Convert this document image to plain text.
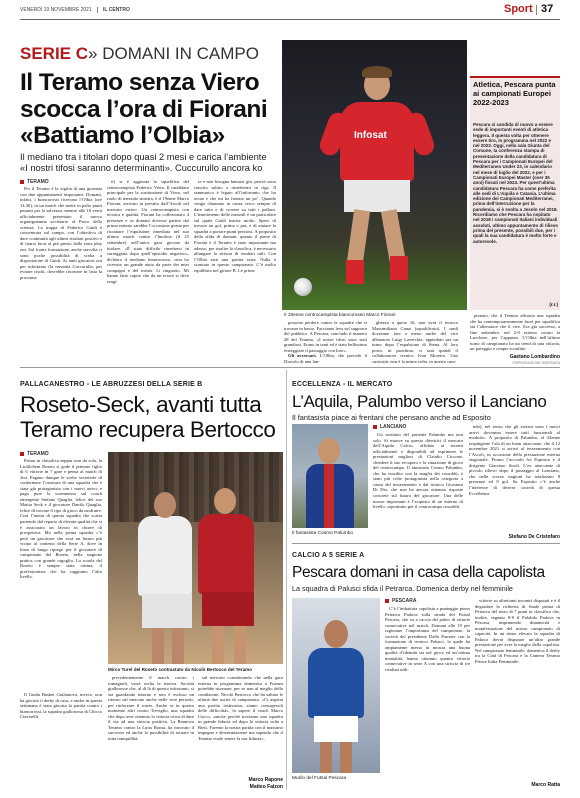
VENERDÌ 19 NOVEMBRE 2021 IL CENTRO	Sport 37
SERIE C» DOMANI IN CAMPO
Il Teramo senza Viero
scocca l’ora di Fiorani
«Battiamo l’Olbia»
Il mediano tra i titolari dopo quasi 2 mesi e carica l’ambiente
«I nostri tifosi saranno determinanti». Cuccurullo ancora ko
Infosat
Il 19enne centrocampista biancorosso Marco Fiorani
Atletica, Pescara punta ai campionati Europei 2022-2023
Pescara si candida di nuovo a essere sede di importanti eventi di atletica leggera. Il questa volta per ottenere essere tiro, in programma nel 2022 e nel 2023. Oggi, nella sala Giunta del Comune, la conferenza stampa di presentazione della candidatura di Pescara per i Campionati Europei del Mediterraneo Under 23, in calendario nel mese di luglio del 2022, e per i Campionati Europei Master (over 35 anni) fissati nel 2023. Per quest’ultima candidatura Pescara ha come preferita alle sedi di L’Aquila e Catania. L’ultima edizione dei Campionati Mediterranei, prima dell’interruzione per la pandemia, si è svolta a Jesolo nel 2018. Ricordiamo che Pescara ha ospitato nel 2018 i campionati Italiani individuali assoluti, ultimo appuntamento di rilievo prima del presente, possibili due, per i quali la sua candidatura è molto forte e autorevole.
(r.r.)
TERAMO

Per il Teramo è la vigilia di una giornata con due appuntamenti importanti. Domani, infatti, i biancorossi ricevono l’Olbia (ore 14,30), in un match che mette in palio punti pesanti per la salvezza, mentre alle 10 verrà ufficialmente presentato il nuovo organigramma societario al Parco della scienza. La truppa di Federico Guidi è concentrata sul campo, con l’obiettivo di dare continuità agli ultimi risultati positivi e di tirarsi fuori al più presto dalla zona play out. Sul fronte formazione, anche stavolta ci sono poche possibilità di scelta a disposizione di Guidi. Ai tanti giocatori out per infortunio (la mezzala Cuccurullo, per evitare rischi, dovrebbe ritornare in lista la prossima

ti) si è aggiunta la squalifica del centrocampista Federico Viero. Il candidato principale per la sostituzione di Viero, nel ruolo di mezzala sinistra, è il 19enne Marco Fiorani, arrivato in prestito dall’Ascoli nel mercato estivo. Un centrocampista con tecnica e qualità, Fiorani ha collezionato 4 presenze e se domani dovesse partire dal primo minuto sarebbe l’occasione giusta per riscattare l’espulsione rimediata nel suo ultimo match contro l’Imolese (il 25 settembre) nell’unica gara giocata da titolare. «È stato difficile rimettersi in carreggiata dopo quell’episodio negativo», dichiara il mediano biancorosso, «ma ho ricevuto un grande aiuto da parte dei miei compagni e del mister. Li ringrazio. Mi hanno fatto capire che da un errore si deve reagi-

re e non bisogna buttarsi giù, perciò sono riuscito subito a rimettermi in riga. Il rammarico è legato all’infortunio che ho avuto e che mi ha frenato un po’. Quando vengo chiamato in causa cerco sempre di dare tutto e di correre su tutti i palloni. L’inserimento delle mezzali è un particolare sul quale Guidi insiste molto. Spero di trovare un gol, prima o poi, e di aiutare la squadra a portare punti preziosi. A proposito della sfida di domani, quanto il paese di Fiorani è il Teramo è stato importante ma adesso, per risalire la classifica, è necessario allungare la striscia di risultati utili. Con l’Olbia sarà una partita tosta. Nulla è scontato in questo campionato. C’è molto equilibrio nel girone B. Le prime

possono perdere contro le squadre che si trovano in basso. Facciamo leva sul supporto del pubblico. A Pescara, concludo il numero 28 del Teramo, «I nostri tifosi sono stati grandiosi. Erano in tanti ed è stato bellissimo festeggiare il passaggio con loro».

Gli avversari. L’Olbia, che precede il Diavolo di una lun-

ghezza a quota 16, non avrà il tecnico Massimiliano Canzi (squalificato). I sardi dovranno fare a meno anche del vice allenatore Luigi Laverchia, appiedato per un turno dopo l’espulsione di Siena. Al loro posto, in panchina, ci sarà quindi il collaboratore tecnico Ivan Moretto. Una curiosità: non è la prima volta, in questo cam-

pionato, che il Teramo affronta una squadra che ha contemporaneamente fuori per squalifica sia l’allenatore che il vice. Era già successo, a fine settembre, nel 2-0 esterno contro la Lucchese, per l’appunto. L’Olbia nell’ultimo turno di campionato ha un trend di una vittoria, un pareggio e cinque sconfitte.

Gaetano Lombardino
©RIPRODUZIONE RISERVATA
PALLACANESTRO - LE ABRUZZESI DELLA SERIE B
Roseto-Seck, avanti tutta
Teramo recupera Bertocco
TERAMO

Prima in classifica seppur non da sola, la Liofilchem Roseto si gode il primato figlio di 6 vittorie in 7 gare e pensa al match di Jesi. Pagano dunque le scelte societarie di confermare l’ossatura di una squadra che è stata già protagonista con i nuovi arrivi: e pago pure la scommessa sul coach emergente Stefano Quaglia, felice del suo Mattia Seck e il giocatore Danilo Quaglia, felice di trovare il tipo di gioco da usufruire. Così l’intesa di questa squadra che scatta partendo dal reparto di elevata qualità che si è assicurato un lavoro in chiave di prospettiva. Ma nella prima squadra c’è però un giocatore che avrà un futuro più vicino al contesto della Serie A, dove in linea di lungo ripiego per il giocatore di campionato del Roseto, nella stagione pratica con grande orgoglio. La scuola del Roseto è sempre stata ottima, il professionista che ha raggiunto l’alto livello.

Il Guida Basket Giulianova, invece, non ha giocato il derby di casa, e anche in questa settimana è stata giocata la partita contro i biancorossi, la squadra giallorossa di Chicco Ciavarelli.

Mirco Turel del Roseto contrastato da Nicolò Bertocco del Teramo

precedentemente il match contro i romagnoli, verrà scelta la riserva. Società giallorosse che, al di là di questo infortunio, si sta guardando intorno e non è escluso un ritorno sul mercato anche nelle vere periodo, per rinforzare il roster. Anche se in questo momento altri contro Treviglio, una squadra che dopo aver ottenuto la vittoria cerca di dare il via ad una striscia positiva. La Rennova Teramo contro la Luiss Roma, ha ritrovato il successo ed anche la possibilità di tornare in tutta tranquillità.

sul mercato considerando che nella gara esterna in programma domenica a Fuenza potrebbe ritornare, per se non al meglio della condizione, Nicolò Bertocco che ha saltato le ultime due uscite di campionato. «Ci aspetta una partita tostissima, siamo consapevoli delle difficoltà», fa sapere il coach Marco Cucco, «anche perché troviamo una squadra in grande fiducia ed dopo la vittoria colta a Rieti. Faremo la nostra partita con il massimo impegno e determinazione ma sapendo che il Teramo vuole tenere la sua fiducia».

Marco Rapone
Matteo Falzon
ECCELLENZA - IL MERCATO
L’Aquila, Palumbo verso il Lanciano
Il fantasista piace ai frentani che pensano anche ad Esposito
Il fantasista Cosmo Palumbo
LANCIANO

Un sostituto del partente Palumbo ma non solo. Si muove su questo direttrici il mercato dell’Aquila Calcio, affidato ai recenti ufficialmente e disponibili ad esprimere le prestazioni migliori di Claudio Ciccone, chiedere il suo recupero e la situazione di gioco del centrocampo. Il fantasista Cosmo Palumbo, che ha esordito con la maglia dei rossoblù, è stato più volte protagonista nella categoria a causa del tesseramento e dal tecnico Giovanni Di Dio, che non ha ancora ottenuto risposte concrete sul futuro del giocatore. Una delle mosse importanti è l’acquisto di un esterno di livello, soprattutto per il centrocampo rossoblù.

ndo), nel senso che gli esterni sono i nuovi arrivi dovranno essere tutti funzionali al modulo». A proposito di Palumbo, al 32enne respingente l’ala di un buon attaccante, che il 12 novembre 2021 si arrivò al tesseramento con l’Ascoli, in occasione della prestazione esterna stagionale. Pronto l’accordo fra Esposito e il dirigente Giacomo Siroli. L’ex attaccante di piccolo rilievo dopo il passaggio al Lanciano, che nelle scorse stagioni ha totalizzato 8 presenze ed 8 gol. Su Esposito c’è anche l’interesse di diverse società di questa Eccellenza.

Stefano De Cristofaro
CALCIO A 5 SERIE A
Pescara domani in casa della capolista
La squadra di Palusci sfida il Petrarca. Domenica derby nel femminile
Murilo del Futsal Pescara
PESCARA

C’è l’imbattuta capolista a punteggio pieno Petrarca Padova sulla strada del Futsal Pescara, che va a caccia del poker di vittorie consecutive nel match. Domani alle 19 per ragionare l’importanza del campionato, la società del presidente Dalla Parrone con la formazione di tecnico Palusci, la quale ha ampiamente messo in mostra una buona qualità d’identità sia nel gioco ed un’ottima mentalità, hanno ottenuto quattro vittorie consecutive in serie A con una striscia di tre risultati utili.

vittorie su altrettanti incontri disputati e è il degradare la richiesta di finale prima di Petrarca del terzo di 7 punti in classifica che, inoltre, segnato 8-8 il Palalido Padova in Pescara, imprimendo dinamicità e manifestazione del nostro campionato di capacità. In un ritmo elevato la squadra di Palusci dovrà disputare un’altra grande prestazione per aver la meglio della capolista. Nel campionato femminile, domenica il derby tra la Città di Pescara e la Cantera Teramo Prince Italia Femminile.

Marco Ratta
